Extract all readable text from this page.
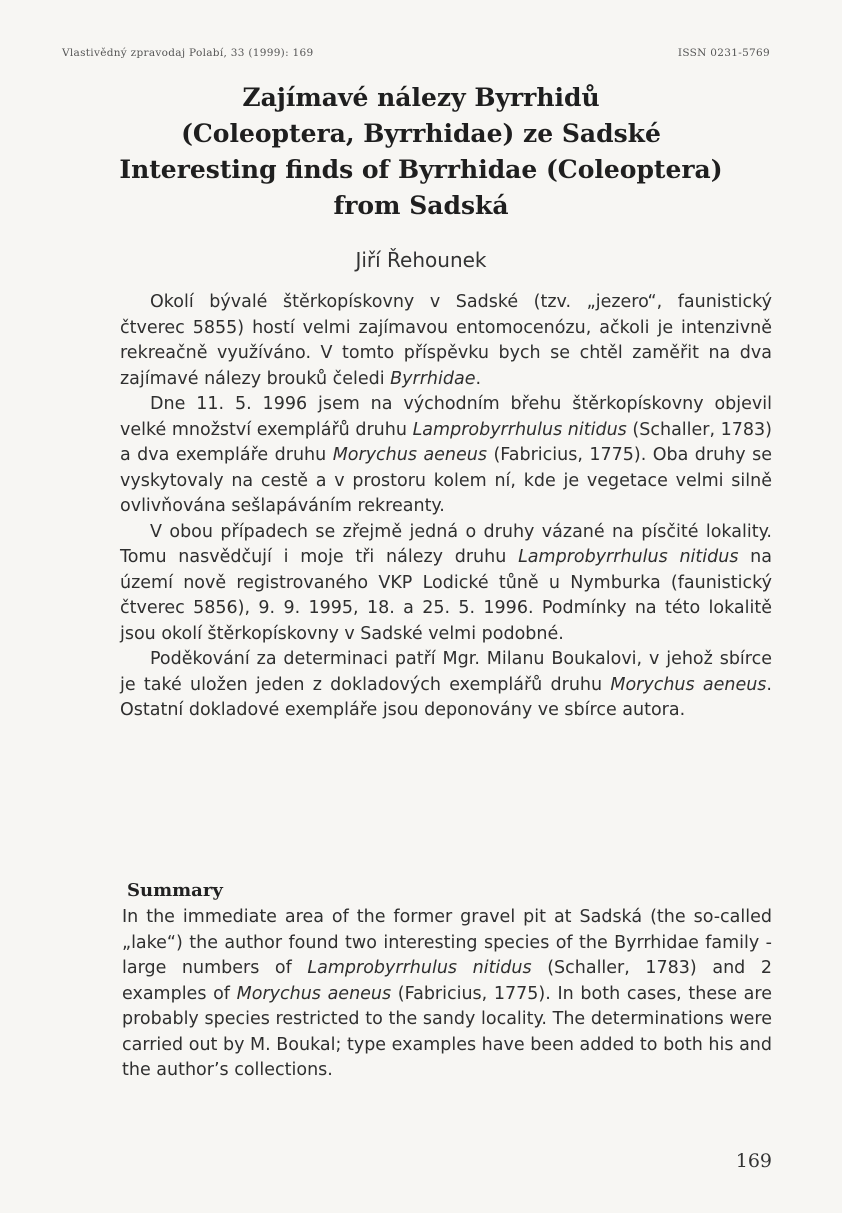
Vlastivědný zpravodaj Polabí, 33 (1999): 169	ISSN 0231-5769
Zajímavé nálezy Byrrhidů
(Coleoptera, Byrrhidae) ze Sadské
Interesting finds of Byrrhidae (Coleoptera)
from Sadská
Jiří Řehounek

Okolí bývalé štěrkopískovny v Sadské (tzv. „jezero“, faunistický čtverec 5855) hostí velmi zajímavou entomocenózu, ačkoli je intenzivně rekreačně využíváno. V tomto příspěvku bych se chtěl zaměřit na dva zajímavé nálezy brouků čeledi Byrrhidae.

Dne 11. 5. 1996 jsem na východním břehu štěrkopískovny objevil velké množství exemplářů druhu Lamprobyrrhulus nitidus (Schaller, 1783) a dva exempláře druhu Morychus aeneus (Fabricius, 1775). Oba druhy se vyskytovaly na cestě a v prostoru kolem ní, kde je vegetace velmi silně ovlivňována sešlapáváním rekreanty.

V obou případech se zřejmě jedná o druhy vázané na písčité lokality. Tomu nasvědčují i moje tři nálezy druhu Lamprobyrrhulus nitidus na území nově registrovaného VKP Lodické tůně u Nymburka (faunistický čtverec 5856), 9. 9. 1995, 18. a 25. 5. 1996. Podmínky na této lokalitě jsou okolí štěrkopískovny v Sadské velmi podobné.

Poděkování za determinaci patří Mgr. Milanu Boukalovi, v jehož sbírce je také uložen jeden z dokladových exemplářů druhu Morychus aeneus. Ostatní dokladové exempláře jsou deponovány ve sbírce autora.

Summary

In the immediate area of the former gravel pit at Sadská (the so-called „lake“) the author found two interesting species of the Byrrhidae family - large numbers of Lamprobyrrhulus nitidus (Schaller, 1783) and 2 examples of Morychus aeneus (Fabricius, 1775). In both cases, these are probably species restricted to the sandy locality. The determinations were carried out by M. Boukal; type examples have been added to both his and the author’s collections.

169
